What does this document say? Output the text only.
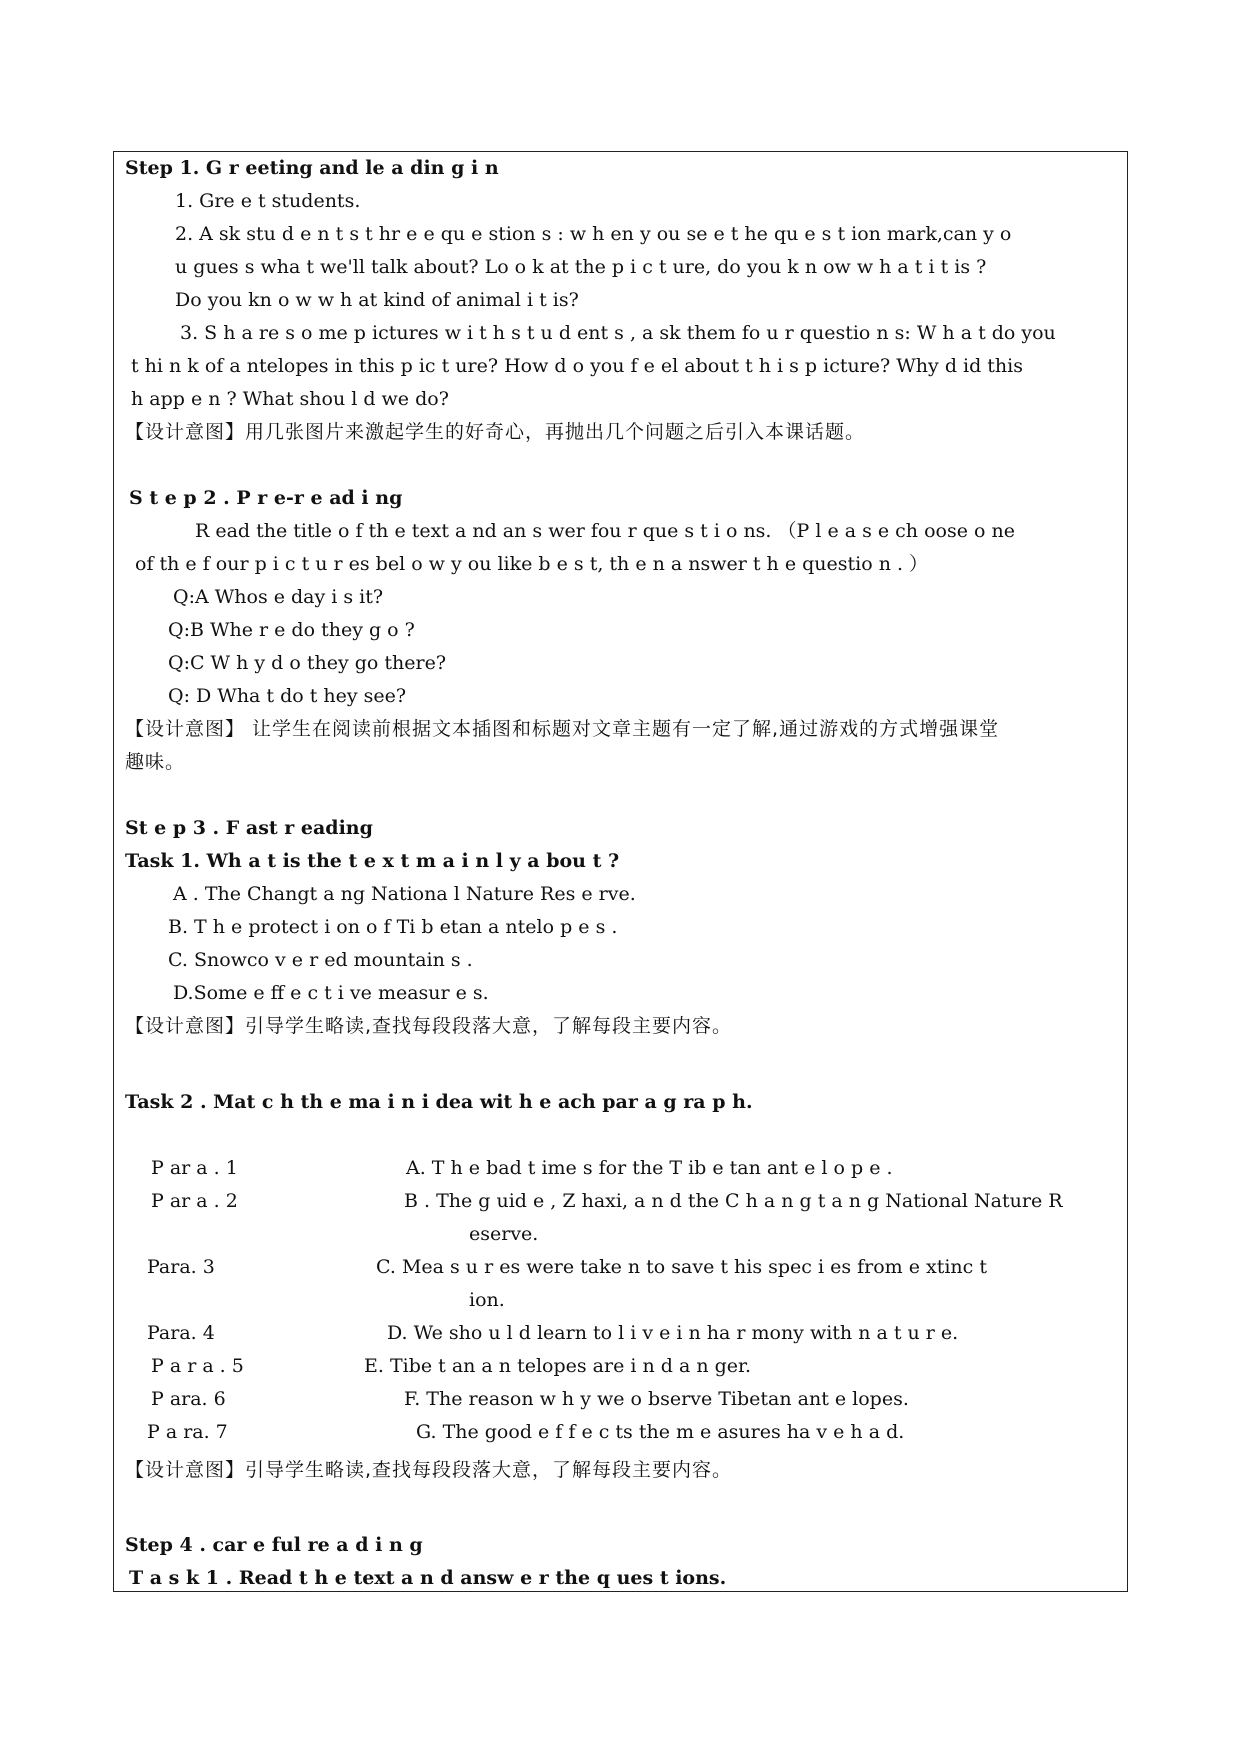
Step 1. G r eeting and le a din g i n
1. Gre e t students.
2. A sk stu d e n t s t hr e e qu e stion s : w h en y ou se e t he qu e s t ion mark,can y o
u gues s wha t we'll talk about? Lo o k at the p i c t ure, do you k n ow w h a t i t is ?
Do you kn o w w h at kind of animal i t is?
3. S h a re s o me p ictures w i t h s t u d ent s , a sk them fo u r questio n s: W h a t do you
t hi n k of a ntelopes in this p ic t ure? How d o you f e el about t h i s p icture? Why d id this
h app e n ? What shou l d we do?
【设计意图】用几张图片来激起学生的好奇心，再抛出几个问题之后引入本课话题。
S t e p 2 . P r e-r e ad i ng
R ead the title o f th e text a nd an s wer fou r que s t i o ns. （P l e a s e ch oose o ne
of th e f our p i c t u r es bel o w y ou like b e s t, th e n a nswer t h e questio n . ）
Q:A Whos e day i s it?
Q:B Whe r e do they g o ?
Q:C W h y d o they go there?
Q: D Wha t do t hey see?
【设计意图】 让学生在阅读前根据文本插图和标题对文章主题有一定了解,通过游戏的方式增强课堂
趣味。
St e p 3 . F ast r eading
Task 1. Wh a t is the t e x t m a i n l y a bou t ?
A . The Changt a ng Nationa l Nature Res e rve.
B. T h e protect i on o f Ti b etan a ntelo p e s .
C. Snowco v e r ed mountain s .
D.Some e ff e c t i ve measur e s.
【设计意图】引导学生略读,查找每段段落大意，了解每段主要内容。
Task 2 . Mat c h th e ma i n i dea wit h e ach par a g ra p h.
P ar a . 1
P ar a . 2
Para. 3
Para. 4
P a r a . 5
P ara. 6
P a ra. 7
A. T h e bad t ime s for the T ib e tan ant e l o p e .
B . The g uid e , Z haxi, a n d the C h a n g t a n g National Nature R
eserve.
C. Mea s u r es were take n to save t his spec i es from e xtinc t
ion.
D. We sho u l d learn to l i v e i n ha r mony with n a t u r e.
E. Tibe t an a n telopes are i n d a n ger.
F. The reason w h y we o bserve Tibetan ant e lopes.
G. The good e f f e c ts the m e asures ha v e h a d.
【设计意图】引导学生略读,查找每段段落大意，了解每段主要内容。
Step 4 . car e ful re a d i n g
T a s k 1 . Read t h e text a n d answ e r the q ues t ions.
